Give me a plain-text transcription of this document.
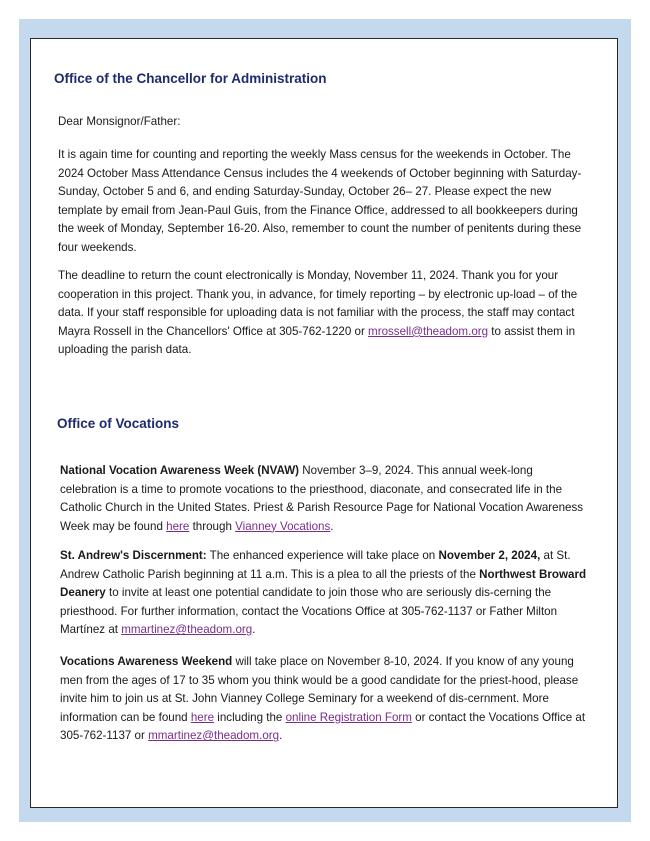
Office of the Chancellor for Administration

Dear Monsignor/Father:

It is again time for counting and reporting the weekly Mass census for the weekends in October. The 2024 October Mass Attendance Census includes the 4 weekends of October beginning with Saturday-Sunday, October 5 and 6, and ending Saturday-Sunday, October 26– 27. Please expect the new template by email from Jean-Paul Guis, from the Finance Office, addressed to all bookkeepers during the week of Monday, September 16-20. Also, remember to count the number of penitents during these four weekends.

The deadline to return the count electronically is Monday, November 11, 2024. Thank you for your cooperation in this project. Thank you, in advance, for timely reporting – by electronic up-load – of the data. If your staff responsible for uploading data is not familiar with the process, the staff may contact Mayra Rossell in the Chancellors' Office at 305-762-1220 or mrossell@theadom.org to assist them in uploading the parish data.

Office of Vocations

National Vocation Awareness Week (NVAW) November 3–9, 2024. This annual week-long celebration is a time to promote vocations to the priesthood, diaconate, and consecrated life in the Catholic Church in the United States. Priest & Parish Resource Page for National Vocation Awareness Week may be found here through Vianney Vocations.

St. Andrew's Discernment: The enhanced experience will take place on November 2, 2024, at St. Andrew Catholic Parish beginning at 11 a.m. This is a plea to all the priests of the Northwest Broward Deanery to invite at least one potential candidate to join those who are seriously dis-cerning the priesthood. For further information, contact the Vocations Office at 305-762-1137 or Father Milton Martínez at mmartinez@theadom.org.

Vocations Awareness Weekend will take place on November 8-10, 2024. If you know of any young men from the ages of 17 to 35 whom you think would be a good candidate for the priest-hood, please invite him to join us at St. John Vianney College Seminary for a weekend of dis-cernment. More information can be found here including the online Registration Form or contact the Vocations Office at 305-762-1137 or mmartinez@theadom.org.
